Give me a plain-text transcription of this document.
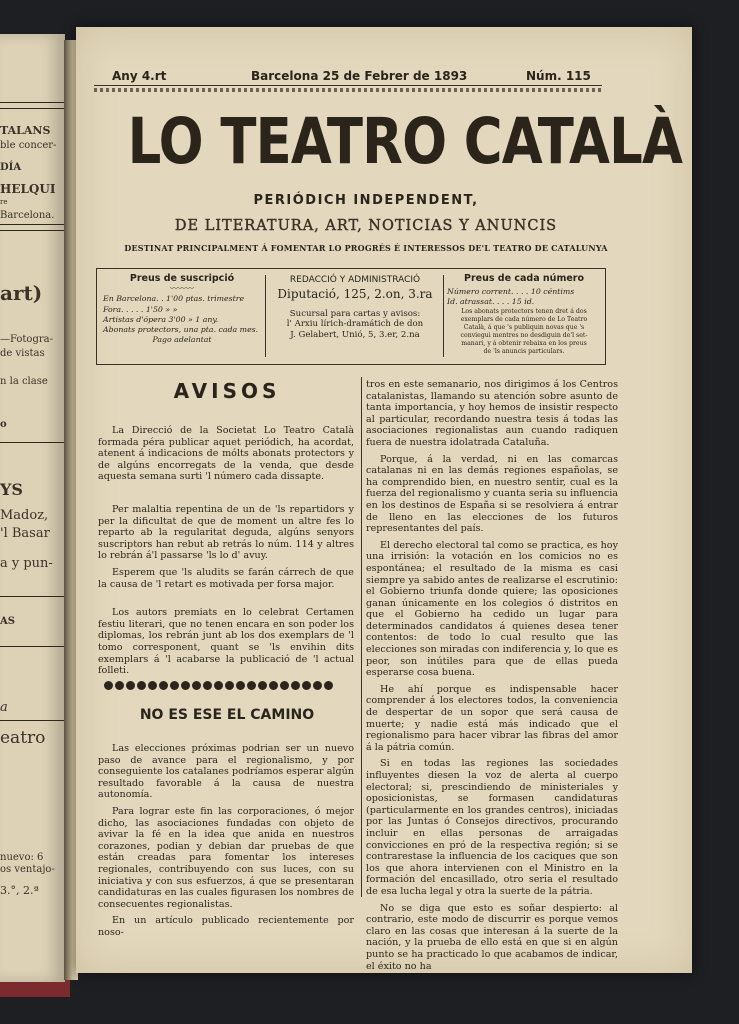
TALANS
ble concer-
DÍA
HELQUI
re
Barcelona.
art)
—Fotogra-
de vistas
n la clase
o
YS
Madoz,
'l Basar
a y pun-
AS
a
eatro
nuevo: 6
os ventajo-
3.°, 2.ª
Any 4.rt	Barcelona 25 de Febrer de 1893	Núm. 115
LO TEATRO CATALÀ
PERIÓDICH INDEPENDENT,
DE LITERATURA, ART, NOTICIAS Y ANUNCIS
DESTINAT PRINCIPALMENT Á FOMENTAR LO PROGRÉS É INTERESSOS DE'L TEATRO DE CATALUNYA
Preus de suscripció
〰〰〰
En Barcelona. . 1'00 ptas. trimestre
Fora. . . . . 1'50 » »
Artistas d'ópera 3'00 » 1 any.
Abonats protectors, una pta. cada mes.
Pago adelantat
REDACCIÓ Y ADMINISTRACIÓ
Diputació, 125, 2.on, 3.ra
Sucursal para cartas y avisos:
l' Arxiu lírich-dramátich de don
J. Gelabert, Unió, 5, 3.er, 2.na
Preus de cada número
Número corrent. . . . 10 céntims
Id. atrassat. . . . 15 id.
Los abonats protectors tenen dret á dos
exemplars de cada número de Lo Teatro
Català, á que 's publiquin novas que 's
conviegui mentres no desdiguin de'l set-
manari, y á obtenir rebaixa en los preus
de 'ls anuncis particulars.
AVISOS

La Direcció de la Societat Lo Teatro Català formada péra publicar aquet periódich, ha acordat, atenent á indicacions de mólts abonats protectors y de algúns encorregats de la venda, que desde aquesta semana surti 'l número cada dissapte.

Per malaltia repentina de un de 'ls repartidors y per la dificultat de que de moment un altre fes lo reparto ab la regularitat deguda, algúns senyors suscriptors han rebut ab retrás lo núm. 114 y altres lo rebrán á'l passarse 'ls lo d' avuy.

Esperem que 'ls aludits se farán cárrech de que la causa de 'l retart es motivada per forsa major.

Los autors premiats en lo celebrat Certamen festiu literari, que no tenen encara en son poder los diplomas, los rebrán junt ab los dos exemplars de 'l tomo corresponent, quant se 'ls envihin dits exemplars á 'l acabarse la publicació de 'l actual folleti.

NO ES ESE EL CAMINO

Las elecciones próximas podrian ser un nuevo paso de avance para el regionalismo, y por conseguiente los catalanes podríamos esperar algún resultado favorable á la causa de nuestra autonomía.

Para lograr este fin las corporaciones, ó mejor dicho, las asociaciones fundadas con objeto de avivar la fé en la idea que anida en nuestros corazones, podian y debian dar pruebas de que están creadas para fomentar los intereses regionales, contribuyendo con sus luces, con su iniciativa y con sus esfuerzos, á que se presentaran candidaturas en las cuales figurasen los nombres de consecuentes regionalistas.

En un artículo publicado recientemente por noso-

tros en este semanario, nos dirigimos á los Centros catalanistas, llamando su atención sobre asunto de tanta importancia, y hoy hemos de insistir respecto al particular, recordando nuestra tesis á todas las asociaciones regionalistas aun cuando radiquen fuera de nuestra idolatrada Cataluña.

Porque, á la verdad, ni en las comarcas catalanas ni en las demás regiones españolas, se ha comprendido bien, en nuestro sentir, cual es la fuerza del regionalismo y cuanta seria su influencia en los destinos de España si se resolviera á entrar de lleno en las elecciones de los futuros representantes del país.

El derecho electoral tal como se practica, es hoy una irrisión: la votación en los comicios no es espontánea; el resultado de la misma es casi siempre ya sabido antes de realizarse el escrutinio: el Gobierno triunfa donde quiere; las oposiciones ganan únicamente en los colegios ó distritos en que el Gobierno ha cedido un lugar para determinados candidatos á quienes desea tener contentos: de todo lo cual resulto que las elecciones son miradas con indiferencia y, lo que es peor, son inútiles para que de ellas pueda esperarse cosa buena.

He ahí porque es indispensable hacer comprender á los electores todos, la conveniencia de despertar de un sopor que será causa de muerte; y nadie está más indicado que el regionalismo para hacer vibrar las fibras del amor á la pátria común.

Si en todas las regiones las sociedades influyentes diesen la voz de alerta al cuerpo electoral; si, prescindiendo de ministeriales y oposicionistas, se formasen candidaturas (particularmente en los grandes centros), iniciadas por las Juntas ó Consejos directivos, procurando incluir en ellas personas de arraigadas convicciones en pró de la respectiva región; si se contrarestase la influencia de los caciques que son los que ahora intervienen con el Ministro en la formación del encasillado, otro seria el resultado de esa lucha legal y otra la suerte de la pátria.

No se diga que esto es soñar despierto: al contrario, este modo de discurrir es porque vemos claro en las cosas que interesan á la suerte de la nación, y la prueba de ello está en que si en algún punto se ha practicado lo que acabamos de indicar, el éxito no ha
